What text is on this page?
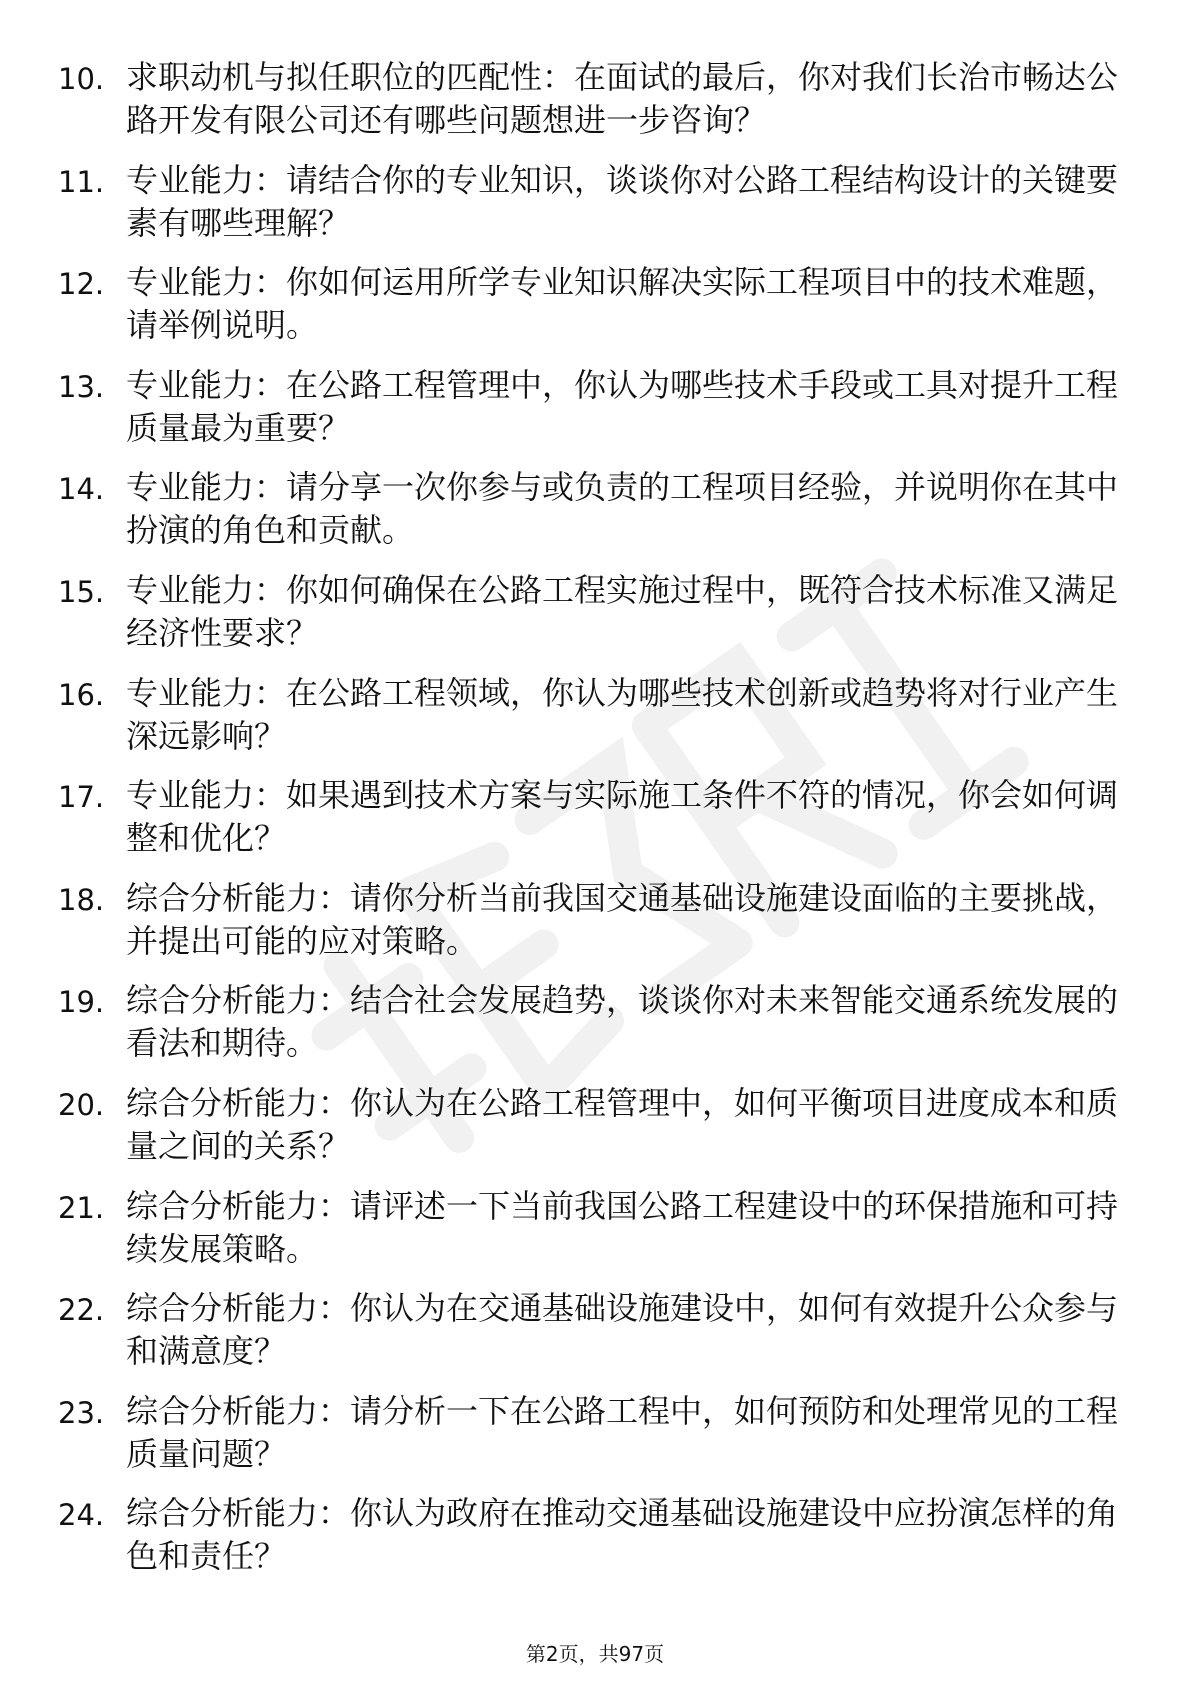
10. 求职动机与拟任职位的匹配性：在面试的最后，你对我们长治市畅达公路开发有限公司还有哪些问题想进一步咨询？
11. 专业能力：请结合你的专业知识，谈谈你对公路工程结构设计的关键要素有哪些理解？
12. 专业能力：你如何运用所学专业知识解决实际工程项目中的技术难题，请举例说明。
13. 专业能力：在公路工程管理中，你认为哪些技术手段或工具对提升工程质量最为重要？
14. 专业能力：请分享一次你参与或负责的工程项目经验，并说明你在其中扮演的角色和贡献。
15. 专业能力：你如何确保在公路工程实施过程中，既符合技术标准又满足经济性要求？
16. 专业能力：在公路工程领域，你认为哪些技术创新或趋势将对行业产生深远影响？
17. 专业能力：如果遇到技术方案与实际施工条件不符的情况，你会如何调整和优化？
18. 综合分析能力：请你分析当前我国交通基础设施建设面临的主要挑战，并提出可能的应对策略。
19. 综合分析能力：结合社会发展趋势，谈谈你对未来智能交通系统发展的看法和期待。
20. 综合分析能力：你认为在公路工程管理中，如何平衡项目进度成本和质量之间的关系？
21. 综合分析能力：请评述一下当前我国公路工程建设中的环保措施和可持续发展策略。
22. 综合分析能力：你认为在交通基础设施建设中，如何有效提升公众参与和满意度？
23. 综合分析能力：请分析一下在公路工程中，如何预防和处理常见的工程质量问题？
24. 综合分析能力：你认为政府在推动交通基础设施建设中应扮演怎样的角色和责任？
第2页，共97页
